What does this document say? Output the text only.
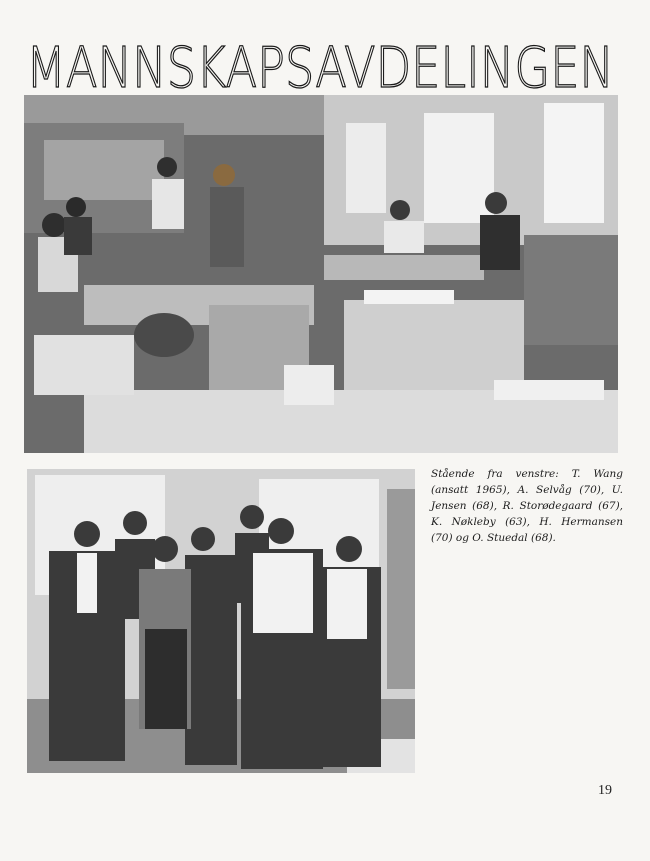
MANNSKAPSAVDELINGEN

Stående fra venstre: T. Wang (ansatt 1965), A. Selvåg (70), U. Jensen (68), R. Storødegaard (67), K. Nøkleby (63), H. Hermansen (70) og O. Stuedal (68).

19
